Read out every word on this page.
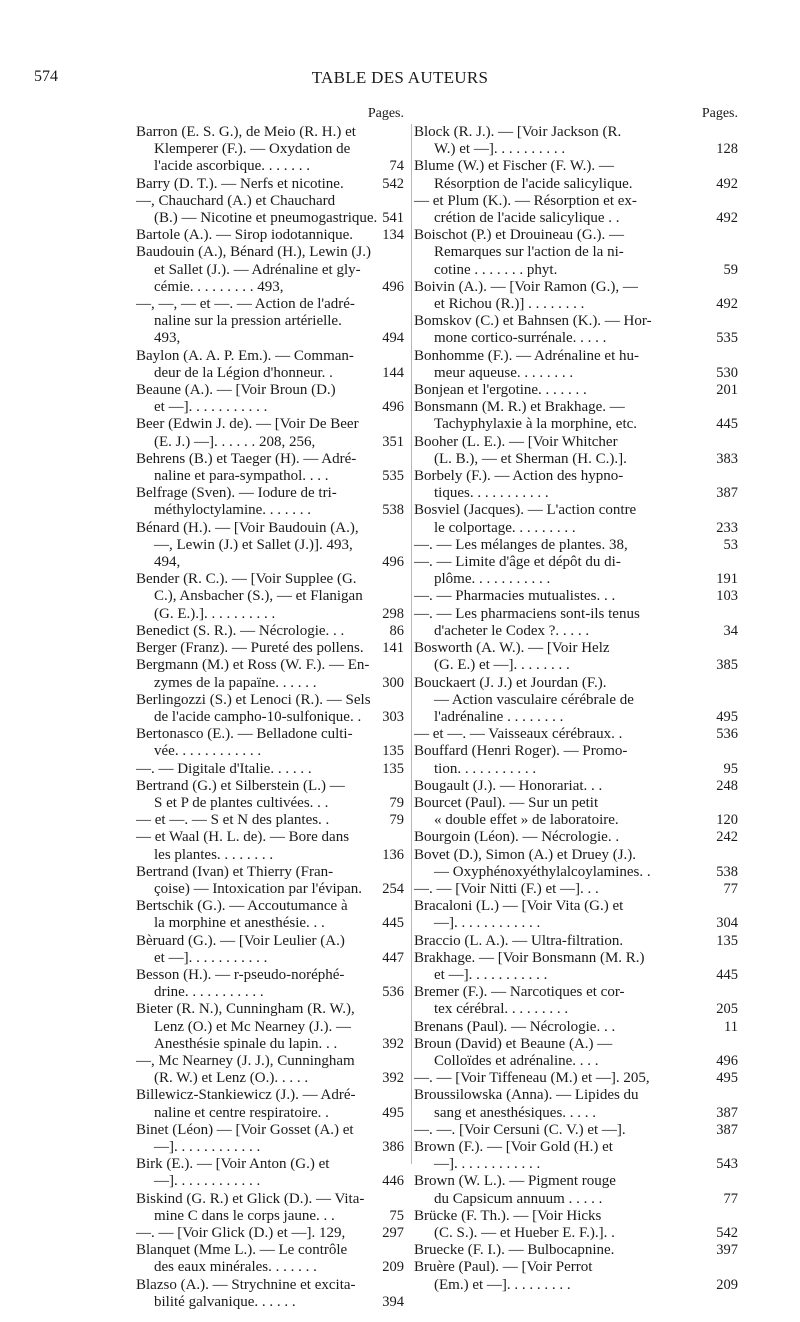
574	TABLE DES AUTEURS
Pages.
Barron (E. S. G.), de Meio (R. H.) et
Klemperer (F.). — Oxydation de
l'acide ascorbique. . . . . . .	74
Barry (D. T.). — Nerfs et nicotine.	542
—, Chauchard (A.) et Chauchard
(B.) — Nicotine et pneumogastrique. 541
Bartole (A.). — Sirop iodotannique.	134
Baudouin (A.), Bénard (H.), Lewin (J.)
et Sallet (J.). — Adrénaline et gly-
cémie. . . . . . . . . 493,	496
—, —, — et —. — Action de l'adré-
naline sur la pression artérielle.
493,	494
Baylon (A. A. P. Em.). — Comman-
deur de la Légion d'honneur. .	144
Beaune (A.). — [Voir Broun (D.)
et —]. . . . . . . . . . .	496
Beer (Edwin J. de). — [Voir De Beer
(E. J.) —]. . . . . . 208, 256,	351
Behrens (B.) et Taeger (H). — Adré-
naline et para-sympathol. . . .	535
Belfrage (Sven). — Iodure de tri-
méthyloctylamine. . . . . . .	538
Bénard (H.). — [Voir Baudouin (A.),
—, Lewin (J.) et Sallet (J.)]. 493,
494,	496
Bender (R. C.). — [Voir Supplee (G.
C.), Ansbacher (S.), — et Flanigan
(G. E.).]. . . . . . . . . .	298
Benedict (S. R.). — Nécrologie. . .	86
Berger (Franz). — Pureté des pollens.	141
Bergmann (M.) et Ross (W. F.). — En-
zymes de la papaïne. . . . . .	300
Berlingozzi (S.) et Lenoci (R.). — Sels
de l'acide campho-10-sulfonique. .	303
Bertonasco (E.). — Belladone culti-
vée. . . . . . . . . . . .	135
—. — Digitale d'Italie. . . . . .	135
Bertrand (G.) et Silberstein (L.) —
S et P de plantes cultivées. . .	79
— et —. — S et N des plantes. .	79
— et Waal (H. L. de). — Bore dans
les plantes. . . . . . . .	136
Bertrand (Ivan) et Thierry (Fran-
çoise) — Intoxication par l'évipan.	254
Bertschik (G.). — Accoutumance à
la morphine et anesthésie. . .	445
Bèruard (G.). — [Voir Leulier (A.)
et —]. . . . . . . . . . .	447
Besson (H.). — r-pseudo-noréphé-
drine. . . . . . . . . . .	536
Bieter (R. N.), Cunningham (R. W.),
Lenz (O.) et Mc Nearney (J.). —
Anesthésie spinale du lapin. . .	392
—, Mc Nearney (J. J.), Cunningham
(R. W.) et Lenz (O.). . . . .	392
Billewicz-Stankiewicz (J.). — Adré-
naline et centre respiratoire. .	495
Binet (Léon) — [Voir Gosset (A.) et
—]. . . . . . . . . . . .	386
Birk (E.). — [Voir Anton (G.) et
—]. . . . . . . . . . . .	446
Biskind (G. R.) et Glick (D.). — Vita-
mine C dans le corps jaune. . .	75
—. — [Voir Glick (D.) et —]. 129,	297
Blanquet (Mme L.). — Le contrôle
des eaux minérales. . . . . . .	209
Blazso (A.). — Strychnine et excita-
bilité galvanique. . . . . .	394
Pages.
Block (R. J.). — [Voir Jackson (R.
W.) et —]. . . . . . . . . .	128
Blume (W.) et Fischer (F. W.). —
Résorption de l'acide salicylique.	492
— et Plum (K.). — Résorption et ex-
crétion de l'acide salicylique . .	492
Boischot (P.) et Drouineau (G.). —
Remarques sur l'action de la ni-
cotine . . . . . . . phyt.	59
Boivin (A.). — [Voir Ramon (G.), —
et Richou (R.)] . . . . . . . .	492
Bomskov (C.) et Bahnsen (K.). — Hor-
mone cortico-surrénale. . . . .	535
Bonhomme (F.). — Adrénaline et hu-
meur aqueuse. . . . . . . .	530
Bonjean et l'ergotine. . . . . . .	201
Bonsmann (M. R.) et Brakhage. —
Tachyphylaxie à la morphine, etc.	445
Booher (L. E.). — [Voir Whitcher
(L. B.), — et Sherman (H. C.).].	383
Borbely (F.). — Action des hypno-
tiques. . . . . . . . . . .	387
Bosviel (Jacques). — L'action contre
le colportage. . . . . . . . .	233
—. — Les mélanges de plantes. 38,	53
—. — Limite d'âge et dépôt du di-
plôme. . . . . . . . . . .	191
—. — Pharmacies mutualistes. . .	103
—. — Les pharmaciens sont-ils tenus
d'acheter le Codex ?. . . . .	34
Bosworth (A. W.). — [Voir Helz
(G. E.) et —]. . . . . . . .	385
Bouckaert (J. J.) et Jourdan (F.).
— Action vasculaire cérébrale de
l'adrénaline . . . . . . . .	495
— et —. — Vaisseaux cérébraux. .	536
Bouffard (Henri Roger). — Promo-
tion. . . . . . . . . . .	95
Bougault (J.). — Honorariat. . .	248
Bourcet (Paul). — Sur un petit
« double effet » de laboratoire.	120
Bourgoin (Léon). — Nécrologie. .	242
Bovet (D.), Simon (A.) et Druey (J.).
— Oxyphénoxyéthylalcoylamines. .	538
—. — [Voir Nitti (F.) et —]. . .	77
Bracaloni (L.) — [Voir Vita (G.) et
—]. . . . . . . . . . . .	304
Braccio (L. A.). — Ultra-filtration.	135
Brakhage. — [Voir Bonsmann (M. R.)
et —]. . . . . . . . . . .	445
Bremer (F.). — Narcotiques et cor-
tex cérébral. . . . . . . . .	205
Brenans (Paul). — Nécrologie. . .	11
Broun (David) et Beaune (A.) —
Colloïdes et adrénaline. . . .	496
—. — [Voir Tiffeneau (M.) et —]. 205,	495
Broussilowska (Anna). — Lipides du
sang et anesthésiques. . . . .	387
—. —. [Voir Cersuni (C. V.) et —].	387
Brown (F.). — [Voir Gold (H.) et
—]. . . . . . . . . . . .	543
Brown (W. L.). — Pigment rouge
du Capsicum annuum . . . . .	77
Brücke (F. Th.). — [Voir Hicks
(C. S.). — et Hueber E. F.).]. .	542
Bruecke (F. I.). — Bulbocapnine.	397
Bruère (Paul). — [Voir Perrot
(Em.) et —]. . . . . . . . .	209
